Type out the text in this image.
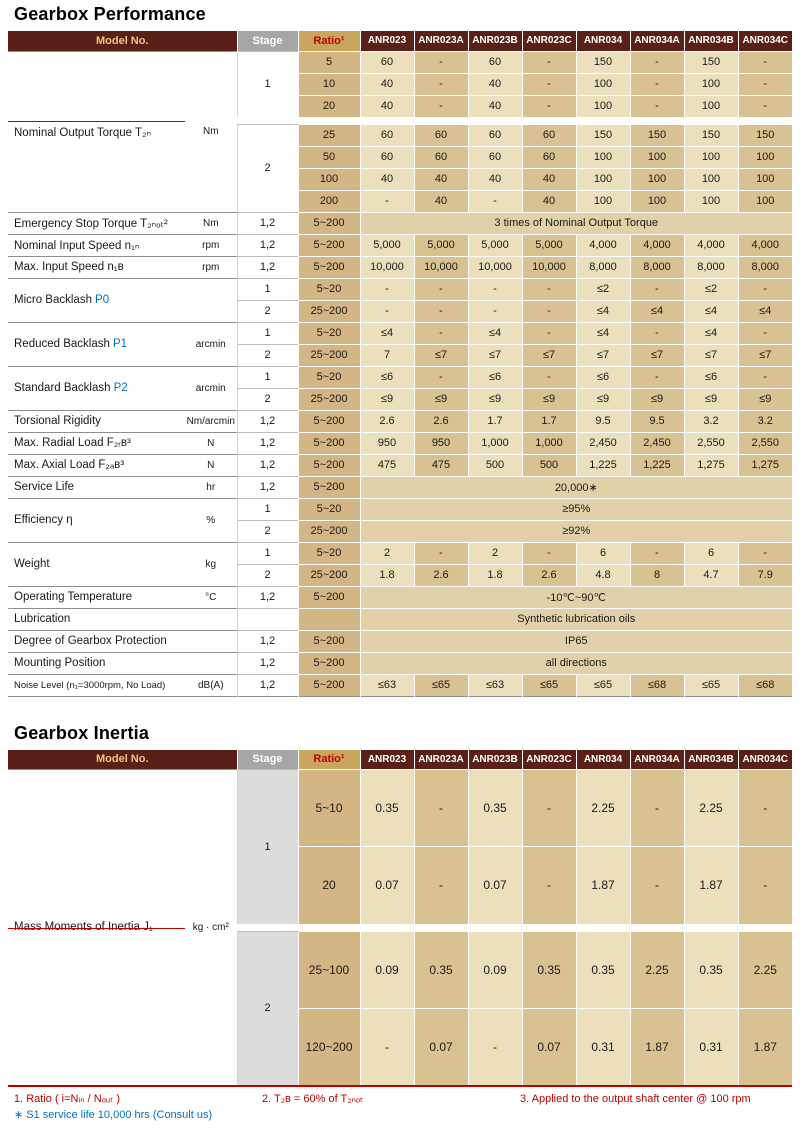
Gearbox Performance
Model No.		Stage	Ratio¹	ANR023	ANR023A	ANR023B	ANR023C	ANR034	ANR034A	ANR034B	ANR034C
Nominal Output Torque T₂ₙ	Nm	1	5	60	-	60	-	150	-	150	-
			10	40	-	40	-	100	-	100	-
			20	40	-	40	-	100	-	100	-

		2	25	60	60	60	60	150	150	150	150
			50	60	60	60	60	100	100	100	100
			100	40	40	40	40	100	100	100	100
			200	-	40	-	40	100	100	100	100
Emergency Stop Torque T₂ₙₒₜ²	Nm	1,2	5~200	3 times of Nominal Output Torque							
Nominal Input Speed n₁ₙ	rpm	1,2	5~200	5,000	5,000	5,000	5,000	4,000	4,000	4,000	4,000
Max. Input Speed n₁ʙ	rpm	1,2	5~200	10,000	10,000	10,000	10,000	8,000	8,000	8,000	8,000
Micro Backlash P0		1	5~20	-	-	-	-	≤2	-	≤2	-
		2	25~200	-	-	-	-	≤4	≤4	≤4	≤4
Reduced Backlash P1	arcmin	1	5~20	≤4	-	≤4	-	≤4	-	≤4	-
		2	25~200	7	≤7	≤7	≤7	≤7	≤7	≤7	≤7
Standard Backlash P2	arcmin	1	5~20	≤6	-	≤6	-	≤6	-	≤6	-
		2	25~200	≤9	≤9	≤9	≤9	≤9	≤9	≤9	≤9
Torsional Rigidity	Nm/arcmin	1,2	5~200	2.6	2.6	1.7	1.7	9.5	9.5	3.2	3.2
Max. Radial Load F₂ᵣʙ³	N	1,2	5~200	950	950	1,000	1,000	2,450	2,450	2,550	2,550
Max. Axial Load F₂ₐʙ³	N	1,2	5~200	475	475	500	500	1,225	1,225	1,275	1,275
Service Life	hr	1,2	5~200	20,000∗							
Efficiency η	%	1	5~20	≥95%							
		2	25~200	≥92%							
Weight	kg	1	5~20	2	-	2	-	6	-	6	-
		2	25~200	1.8	2.6	1.8	2.6	4.8	8	4.7	7.9
Operating Temperature	°C	1,2	5~200	-10℃~90℃							
Lubrication				Synthetic lubrication oils							
Degree of Gearbox Protection		1,2	5~200	IP65							
Mounting Position		1,2	5~200	all directions							
Noise Level (n₁=3000rpm, No Load)	dB(A)	1,2	5~200	≤63	≤65	≤63	≤65	≤65	≤68	≤65	≤68
Gearbox Inertia
Model No.		Stage	Ratio¹	ANR023	ANR023A	ANR023B	ANR023C	ANR034	ANR034A	ANR034B	ANR034C
Mass Moments of Inertia J₁	kg · cm²	1	5~10	0.35	-	0.35	-	2.25	-	2.25	-
			20	0.07	-	0.07	-	1.87	-	1.87	-

		2	25~100	0.09	0.35	0.09	0.35	0.35	2.25	0.35	2.25
			120~200	-	0.07	-	0.07	0.31	1.87	0.31	1.87
1. Ratio ( i=Nᵢₙ / Nₒᵤₜ )	2. T₂ʙ = 60% of T₂ₙₒₜ	3. Applied to the output shaft center @ 100 rpm
∗ S1 service life 10,000 hrs (Consult us)
